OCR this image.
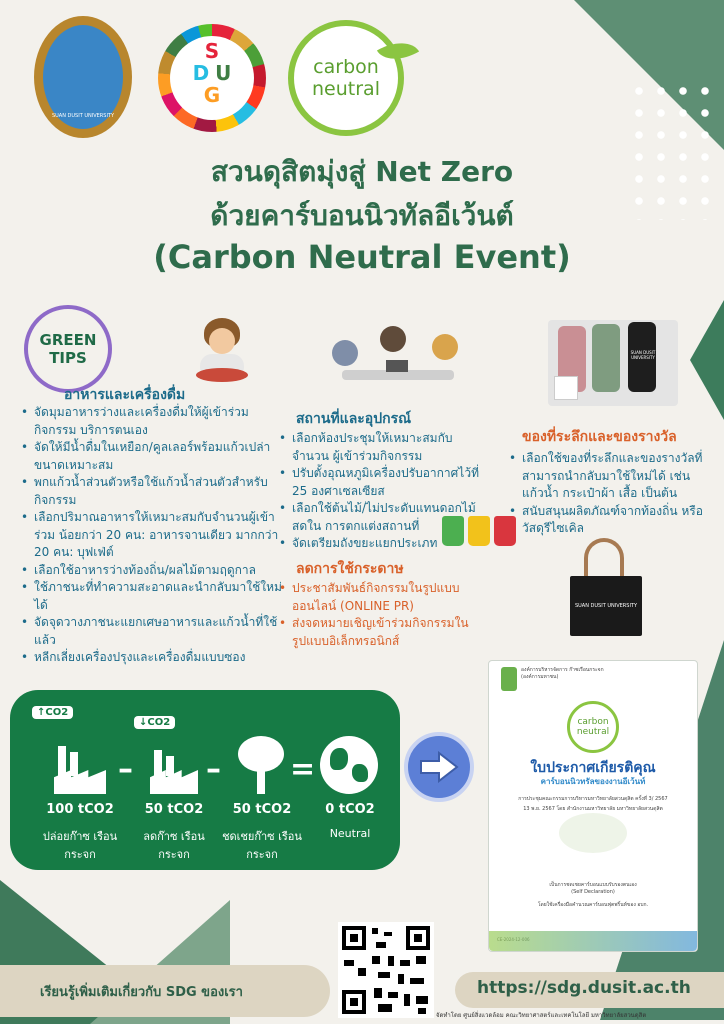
SUAN DUSIT UNIVERSITY
S
D U
G
carbon
neutral
สวนดุสิตมุ่งสู่ Net Zero
ด้วยคาร์บอนนิวทัลอีเว้นต์
(Carbon Neutral Event)
GREEN
TIPS	SUAN DUSIT UNIVERSITY
อาหารและเครื่องดื่ม
• จัดมุมอาหารว่างและเครื่องดื่มให้ผู้เข้าร่วมกิจกรรม บริการตนเอง
• จัดให้มีน้ำดื่มในเหยือก/คูลเลอร์พร้อมแก้วเปล่า ขนาดเหมาะสม
• พกแก้วน้ำส่วนตัวหรือใช้แก้วน้ำส่วนตัวสำหรับ กิจกรรม
• เลือกปริมาณอาหารให้เหมาะสมกับจำนวนผู้เข้าร่วม น้อยกว่า 20 คน: อาหารจานเดียว มากกว่า 20 คน: บุฟเฟ่ต์
• เลือกใช้อาหารว่างท้องถิ่น/ผลไม้ตามฤดูกาล
• ใช้ภาชนะที่ทำความสะอาดและนำกลับมาใช้ใหม่ได้
• จัดจุดวางภาชนะแยกเศษอาหารและแก้วน้ำที่ใช้แล้ว
• หลีกเลี่ยงเครื่องปรุงและเครื่องดื่มแบบซอง
สถานที่และอุปกรณ์
• เลือกห้องประชุมให้เหมาะสมกับจำนวน ผู้เข้าร่วมกิจกรรม
• ปรับตั้งอุณหภูมิเครื่องปรับอากาศไว้ที่ 25 องศาเซลเซียส
• เลือกใช้ต้นไม้/ไม่ประดับแทนดอกไม้สดใน การตกแต่งสถานที่
• จัดเตรียมถังขยะแยกประเภท
ลดการใช้กระดาษ
• ประชาสัมพันธ์กิจกรรมในรูปแบบ ออนไลน์ (ONLINE PR)
• ส่งจดหมายเชิญเข้าร่วมกิจกรรมใน รูปแบบอิเล็กทรอนิกส์
ของที่ระลึกและของรางวัล
• เลือกใช้ของที่ระลึกและของรางวัลที่ สามารถนำกลับมาใช้ใหม่ได้ เช่น แก้วน้ำ กระเป๋าผ้า เสื้อ เป็นต้น
• สนับสนุนผลิตภัณฑ์จากท้องถิ่น หรือ วัสดุรีไซเคิล
SUAN DUSIT UNIVERSITY
↑CO2
↓CO2
– – =
100 tCO2
ปล่อยก๊าซ เรือนกระจก
50 tCO2
ลดก๊าซ เรือนกระจก
50 tCO2
ชดเชยก๊าซ เรือนกระจก
0 tCO2
Neutral
องค์การบริหารจัดการ ก๊าซเรือนกระจก (องค์การมหาชน)
carbon
neutral
ใบประกาศเกียรติคุณ
คาร์บอนนิวทรัลของงานอีเว้นท์
การประชุมคณะกรรมการบริหารมหาวิทยาลัยสวนดุสิต ครั้งที่ 3/ 2567
13 พ.ย. 2567 โดย สำนักงานมหาวิทยาลัย มหาวิทยาลัยสวนดุสิต
เป็นการชดเชยคาร์บอนแบบรับรองตนเอง
(Self Declaration)
โดยใช้เครื่องมือคำนวณคาร์บอนฟุตพริ้นท์ของ อบก.
เรียนรู้เพิ่มเติมเกี่ยวกับ SDG ของเรา	https://sdg.dusit.ac.th
จัดทำโดย ศูนย์สิ่งแวดล้อม คณะวิทยาศาสตร์และเทคโนโลยี มหาวิทยาลัยสวนดุสิต
